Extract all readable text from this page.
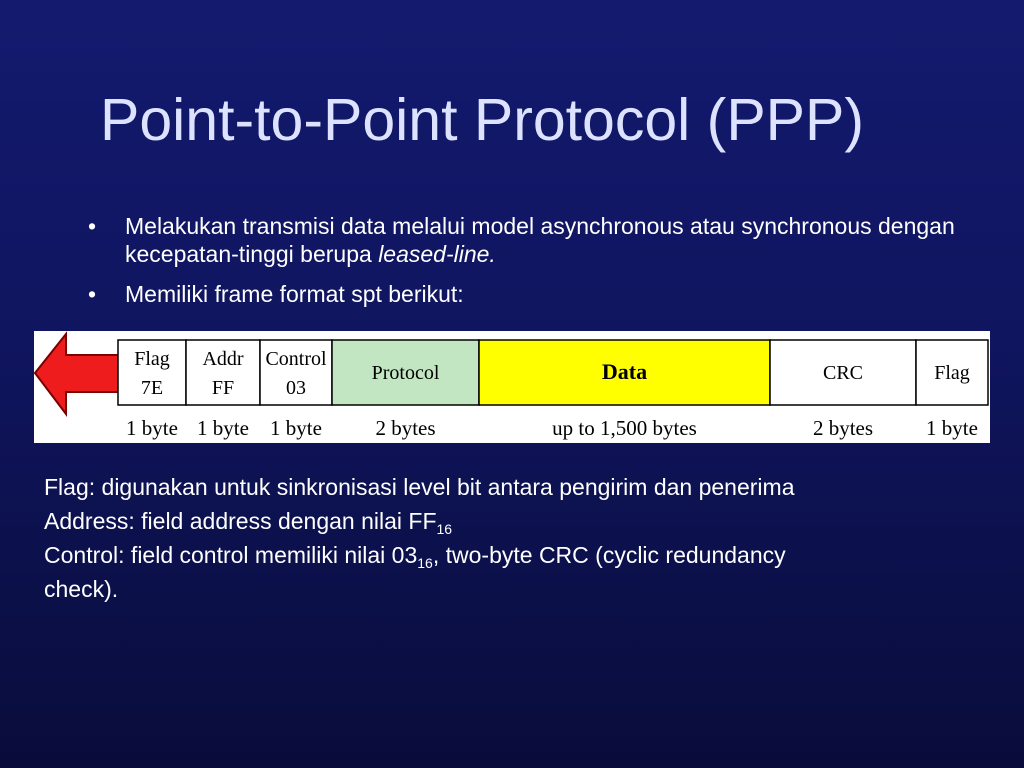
Point-to-Point Protocol (PPP)
• Melakukan transmisi data melalui model asynchronous atau synchronous dengan kecepatan-tinggi berupa leased-line.
• Memiliki frame format spt berikut:
Flag
7E
1 byte
Addr
FF
1 byte
Control
03
1 byte
Protocol
2 bytes
Data
up to 1,500 bytes
CRC
2 bytes
Flag
1 byte
Flag: digunakan untuk sinkronisasi level bit antara pengirim dan penerima
Address: field address dengan nilai $FF_{16}$
Control: field control memiliki nilai $03_{16}$, two-byte CRC (cyclic redundancy
check).
